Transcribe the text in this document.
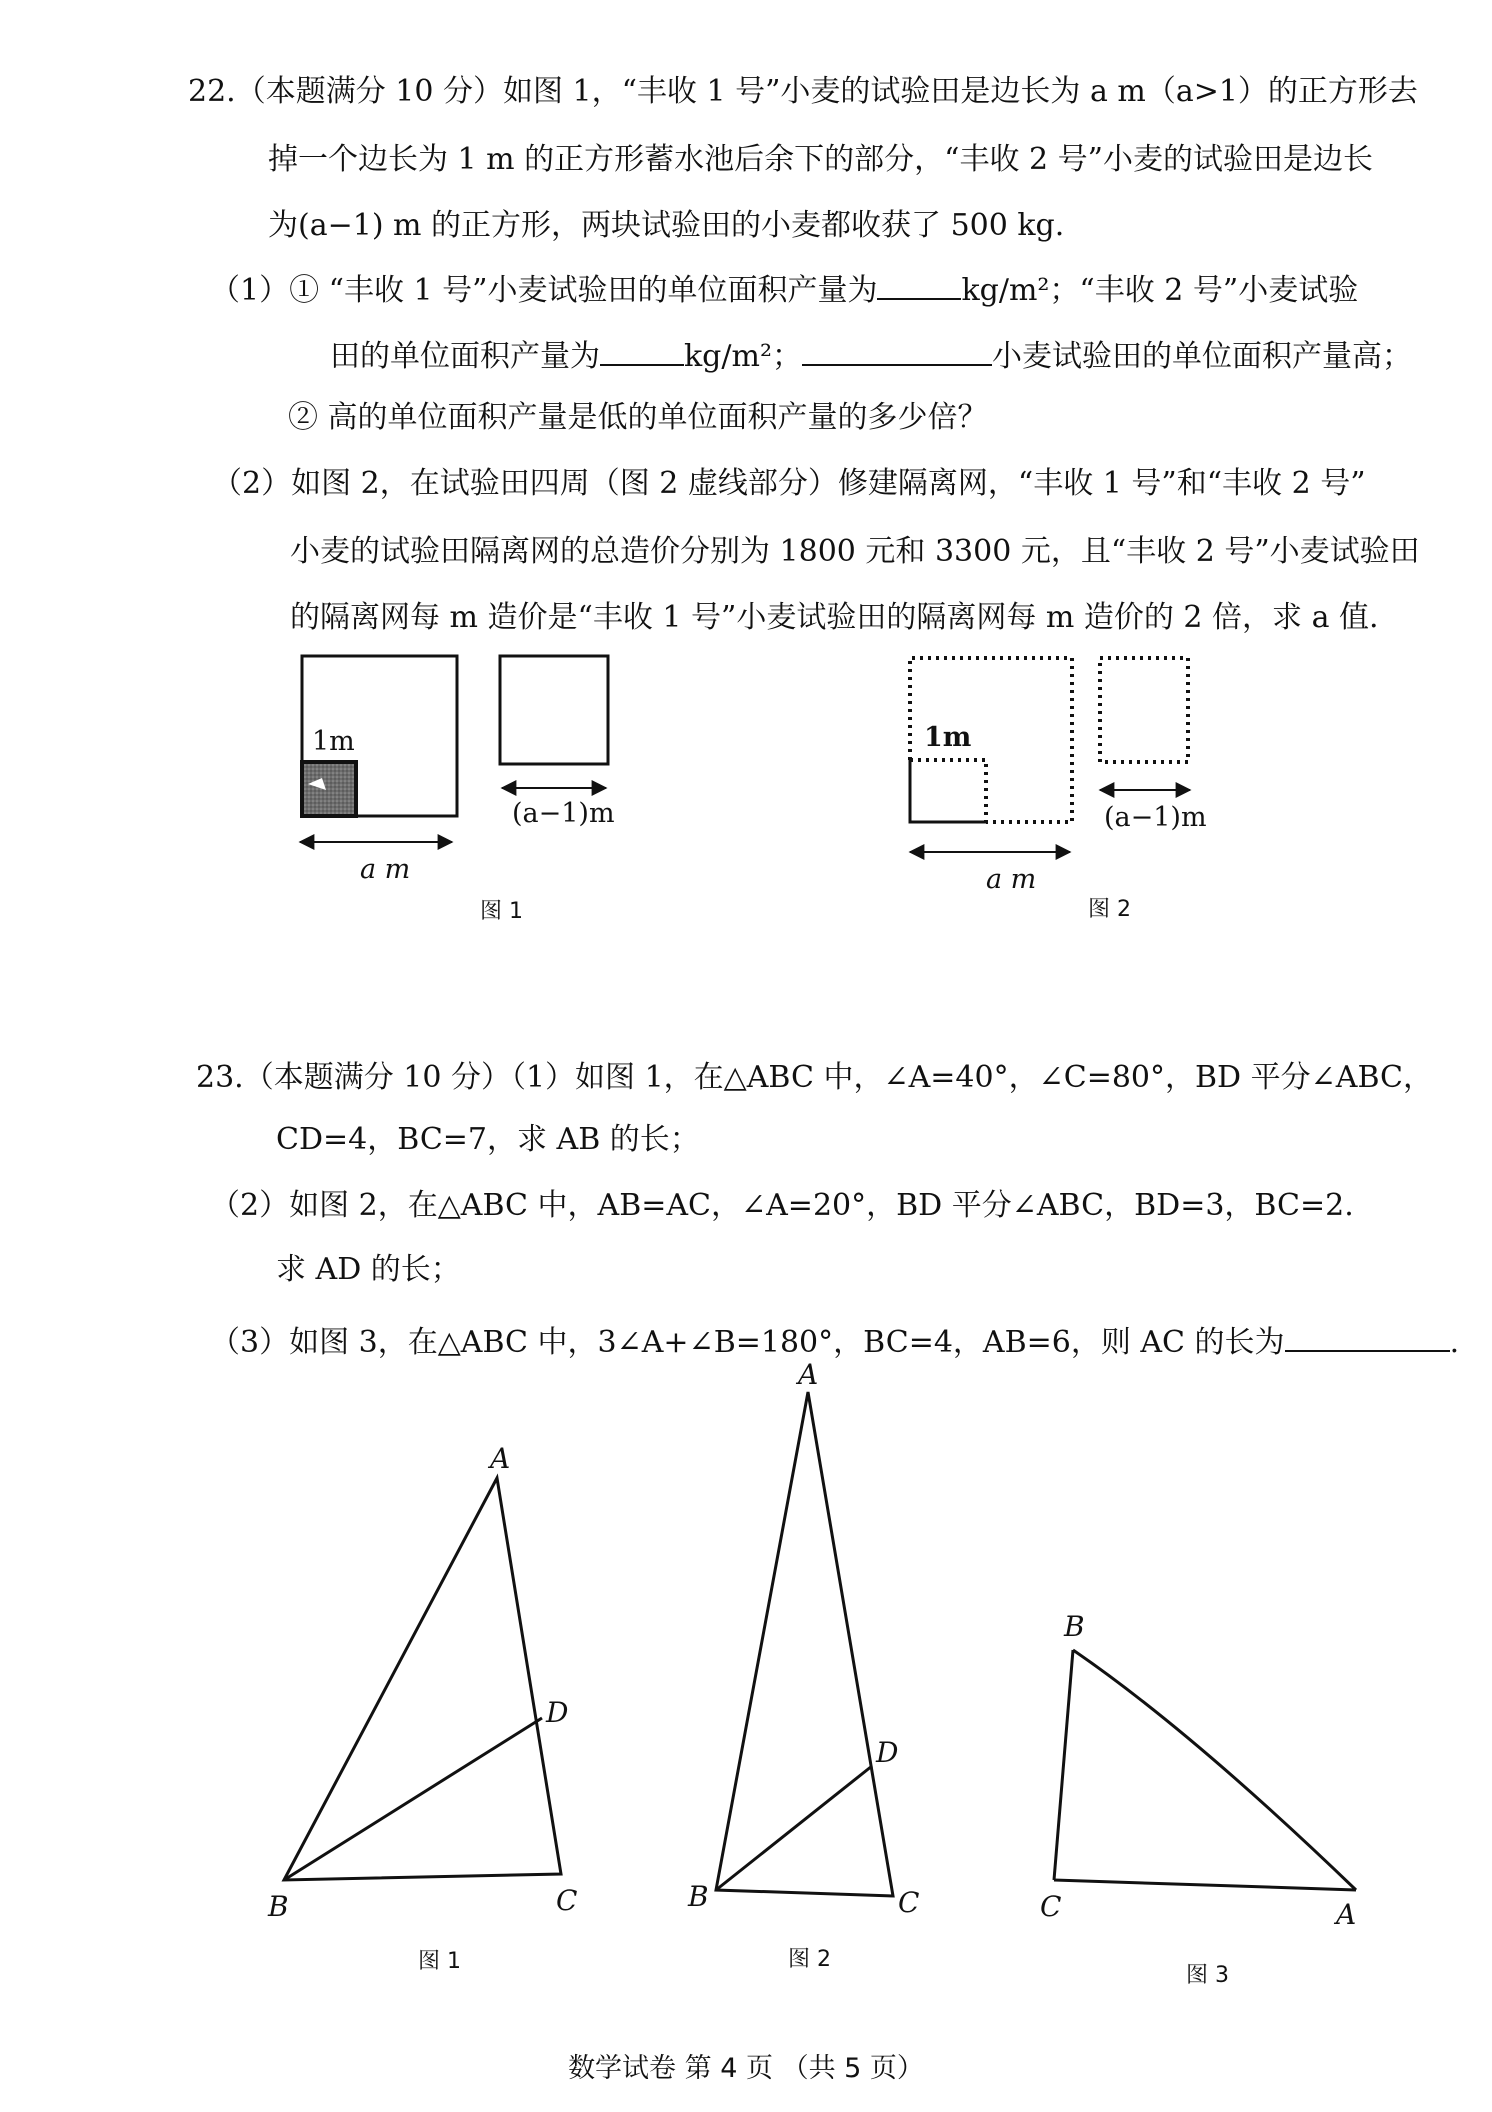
22.（本题满分 10 分）如图 1，“丰收 1 号”小麦的试验田是边长为 a m（a>1）的正方形去
掉一个边长为 1 m 的正方形蓄水池后余下的部分，“丰收 2 号”小麦的试验田是边长
为(a−1) m 的正方形，两块试验田的小麦都收获了 500 kg.
（1）① “丰收 1 号”小麦试验田的单位面积产量为	kg/m²；“丰收 2 号”小麦试验
田的单位面积产量为	kg/m²；	小麦试验田的单位面积产量高；
② 高的单位面积产量是低的单位面积产量的多少倍？
（2）如图 2，在试验田四周（图 2 虚线部分）修建隔离网，“丰收 1 号”和“丰收 2 号”
小麦的试验田隔离网的总造价分别为 1800 元和 3300 元，且“丰收 2 号”小麦试验田
的隔离网每 m 造价是“丰收 1 号”小麦试验田的隔离网每 m 造价的 2 倍，求 a 值.
23.（本题满分 10 分）（1）如图 1，在△ABC 中，∠A=40°，∠C=80°，BD 平分∠ABC，
CD=4，BC=7，求 AB 的长；
（2）如图 2，在△ABC 中，AB=AC，∠A=20°，BD 平分∠ABC，BD=3，BC=2.
求 AD 的长；
（3）如图 3，在△ABC 中，3∠A+∠B=180°，BC=4，AB=6，则 AC 的长为	.
1m
a m
(a−1)m
图 1
1m
a m
(a−1)m
图 2
A
B	C
D
图 1
A
B	C
D
图 2
B
C	A
图 3
数学试卷 第 4 页 （共 5 页）
